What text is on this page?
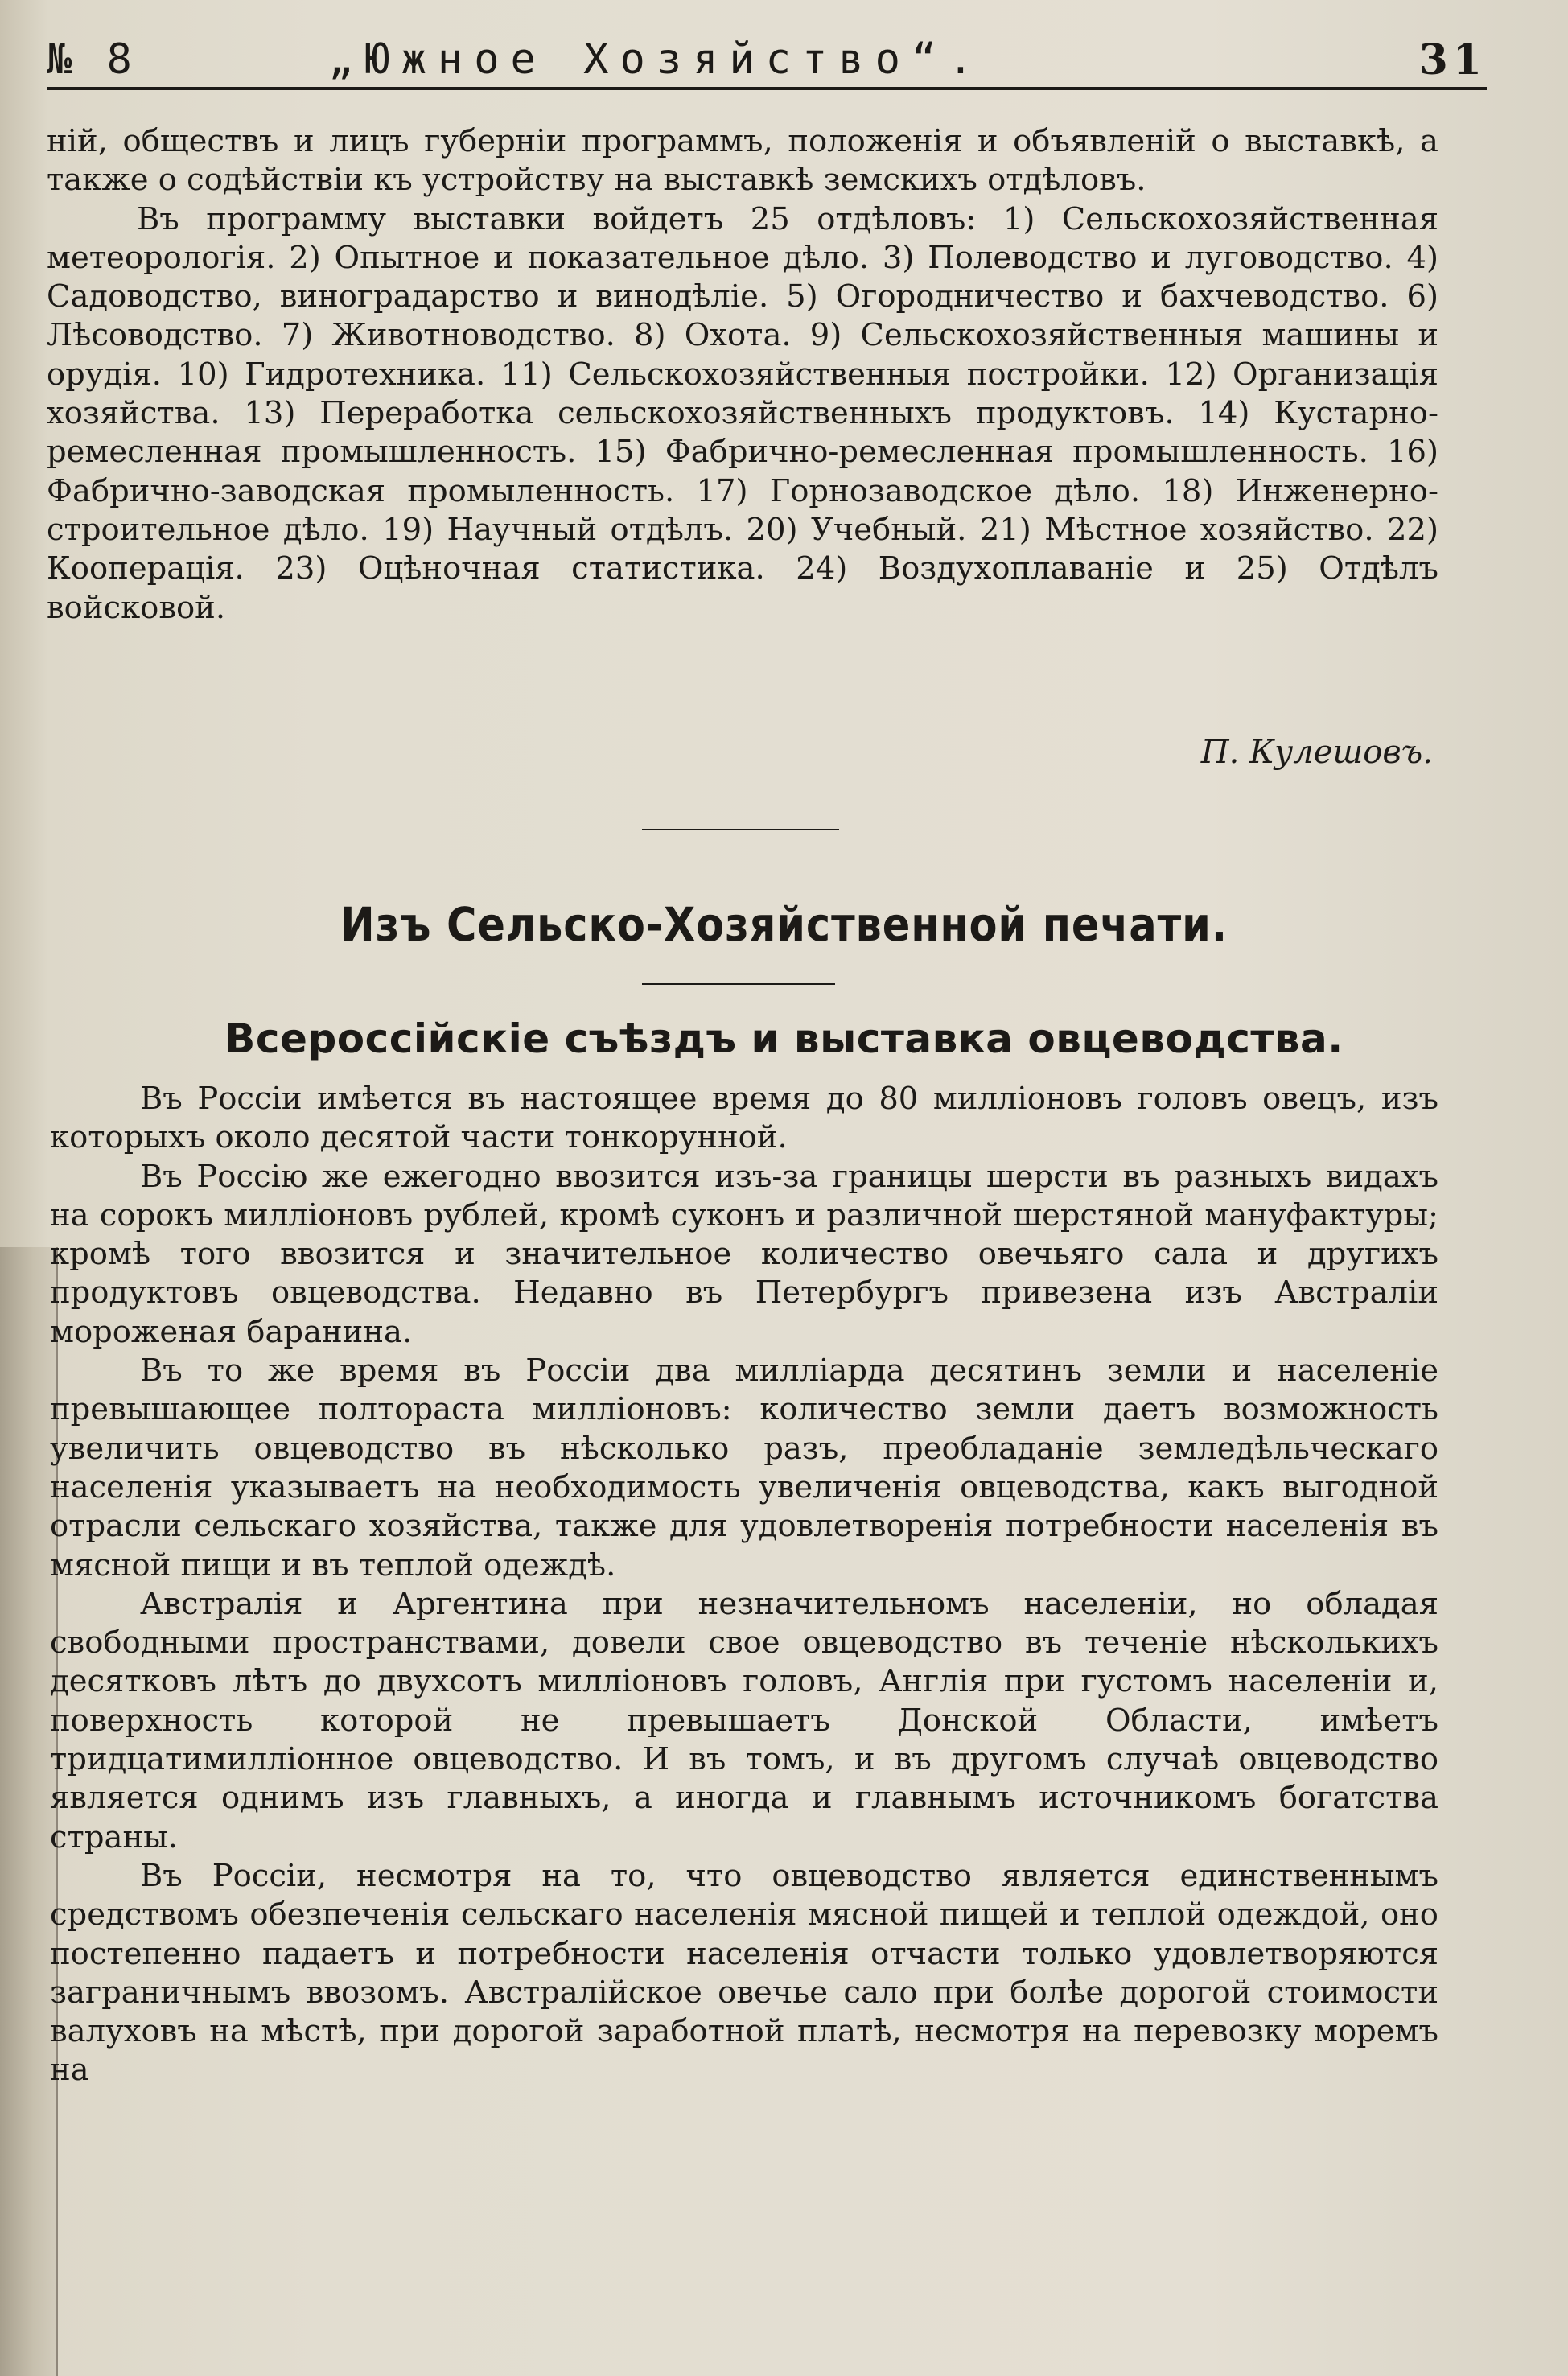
№ 8	„Южное Хозяйство“.	31

ній, обществъ и лицъ губерніи программъ, положенія и объявленій о выставкѣ, а также о содѣйствіи къ устройству на выставкѣ земскихъ отдѣловъ.

Въ программу выставки войдетъ 25 отдѣловъ: 1) Сельскохозяйственная метеорологія. 2) Опытное и показательное дѣло. 3) Полеводство и луговодство. 4) Садоводство, виноградарство и винодѣліе. 5) Огородничество и бахчеводство. 6) Лѣсоводство. 7) Животноводство. 8) Охота. 9) Сельскохозяйственныя машины и орудія. 10) Гидротехника. 11) Сельскохозяйственныя постройки. 12) Организація хозяйства. 13) Переработка сельскохозяйственныхъ продуктовъ. 14) Кустарно-ремесленная промышленность. 15) Фабрично-ремесленная промышленность. 16) Фабрично-заводская промыленность. 17) Горнозаводское дѣло. 18) Инженерно-строительное дѣло. 19) Научный отдѣлъ. 20) Учебный. 21) Мѣстное хозяйство. 22) Кооперація. 23) Оцѣночная статистика. 24) Воздухоплаваніе и 25) Отдѣлъ войсковой.

П. Кулешовъ.
Изъ Сельско-Хозяйственной печати.
Всероссійскіе съѣздъ и выставка овцеводства.

Въ Россіи имѣется въ настоящее время до 80 милліоновъ головъ овецъ, изъ которыхъ около десятой части тонкорунной.

Въ Россію же ежегодно ввозится изъ-за границы шерсти въ разныхъ видахъ на сорокъ милліоновъ рублей, кромѣ суконъ и различной шерстяной мануфактуры; кромѣ того ввозится и значительное количество овечьяго сала и другихъ продуктовъ овцеводства. Недавно въ Петербургъ привезена изъ Австраліи мороженая баранина.

Въ то же время въ Россіи два милліарда десятинъ земли и населеніе превышающее полтораста милліоновъ: количество земли даетъ возможность увеличить овцеводство въ нѣсколько разъ, преобладаніе земледѣльческаго населенія указываетъ на необходимость увеличенія овцеводства, какъ выгодной отрасли сельскаго хозяйства, также для удовлетворенія потребности населенія въ мясной пищи и въ теплой одеждѣ.

Австралія и Аргентина при незначительномъ населеніи, но обладая свободными пространствами, довели свое овцеводство въ теченіе нѣсколькихъ десятковъ лѣтъ до двухсотъ милліоновъ головъ, Англія при густомъ населеніи и, поверхность которой не превышаетъ Донской Области, имѣетъ тридцатимилліонное овцеводство. И въ томъ, и въ другомъ случаѣ овцеводство является однимъ изъ главныхъ, а иногда и главнымъ источникомъ богатства страны.

Въ Россіи, несмотря на то, что овцеводство является единственнымъ средствомъ обезпеченія сельскаго населенія мясной пищей и теплой одеждой, оно постепенно падаетъ и потребности населенія отчасти только удовлетворяются заграничнымъ ввозомъ. Австралійское овечье сало при болѣе дорогой стоимости валуховъ на мѣстѣ, при дорогой заработной платѣ, несмотря на перевозку моремъ на
